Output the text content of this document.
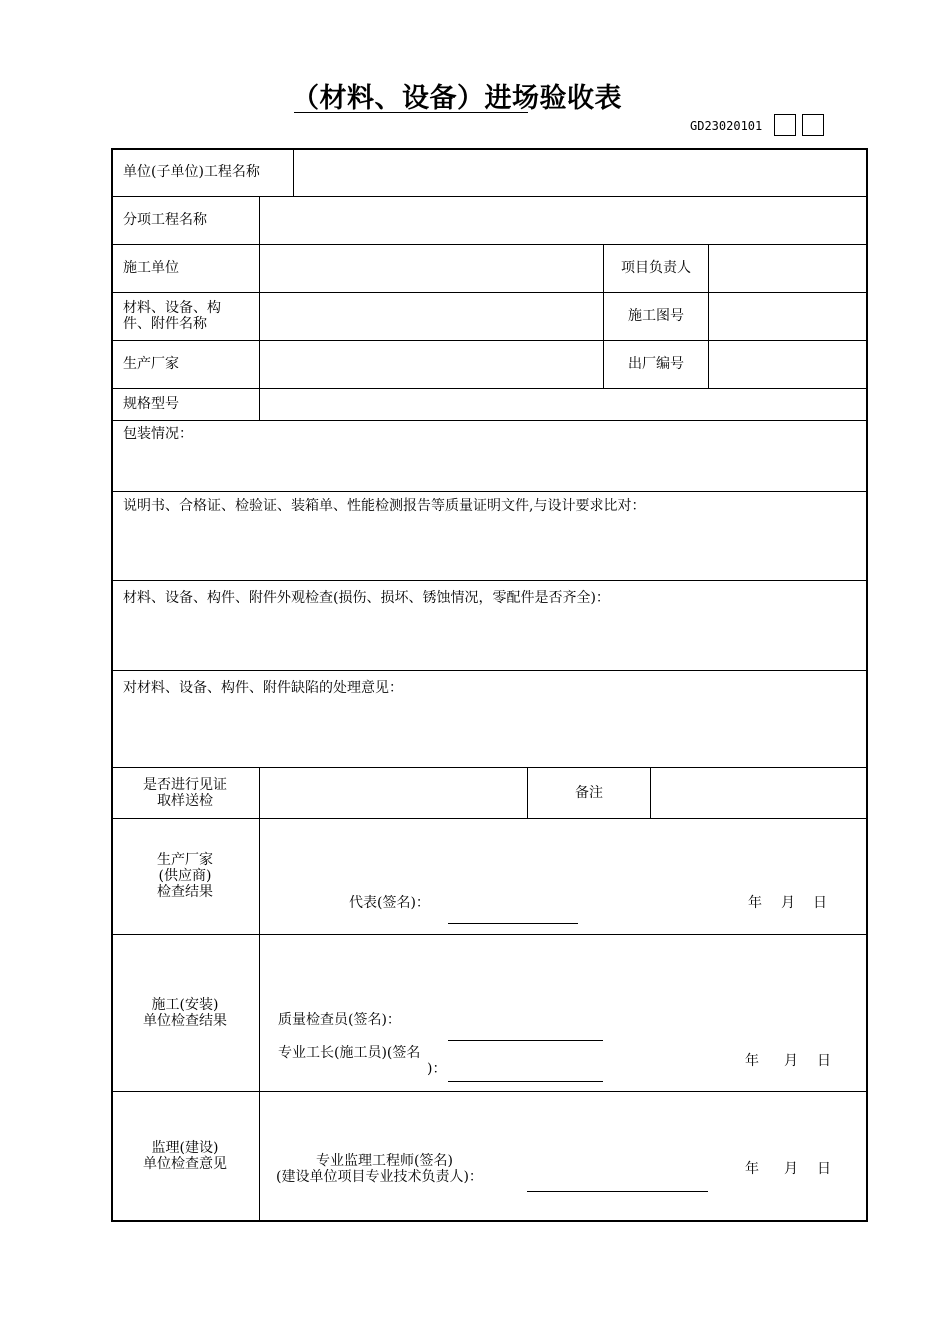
（材料、设备）进场验收表
GD23020101
单位(子单位)工程名称
分项工程名称
施工单位	项目负责人
材料、设备、构
件、附件名称	施工图号
生产厂家	出厂编号
规格型号
包装情况：
说明书、合格证、检验证、装箱单、性能检测报告等质量证明文件,与设计要求比对：
材料、设备、构件、附件外观检查(损伤、损坏、锈蚀情况，零配件是否齐全)：
对材料、设备、构件、附件缺陷的处理意见：
是否进行见证
取样送检	备注
生产厂家
(供应商)
检查结果
代表(签名)：	年 月 日
施工(安装)
单位检查结果	质量检查员(签名)：
专业工长(施工员)(签名
)：	年 月 日
监理(建设)
单位检查意见	专业监理工程师(签名)
(建设单位项目专业技术负责人)：	年 月 日
